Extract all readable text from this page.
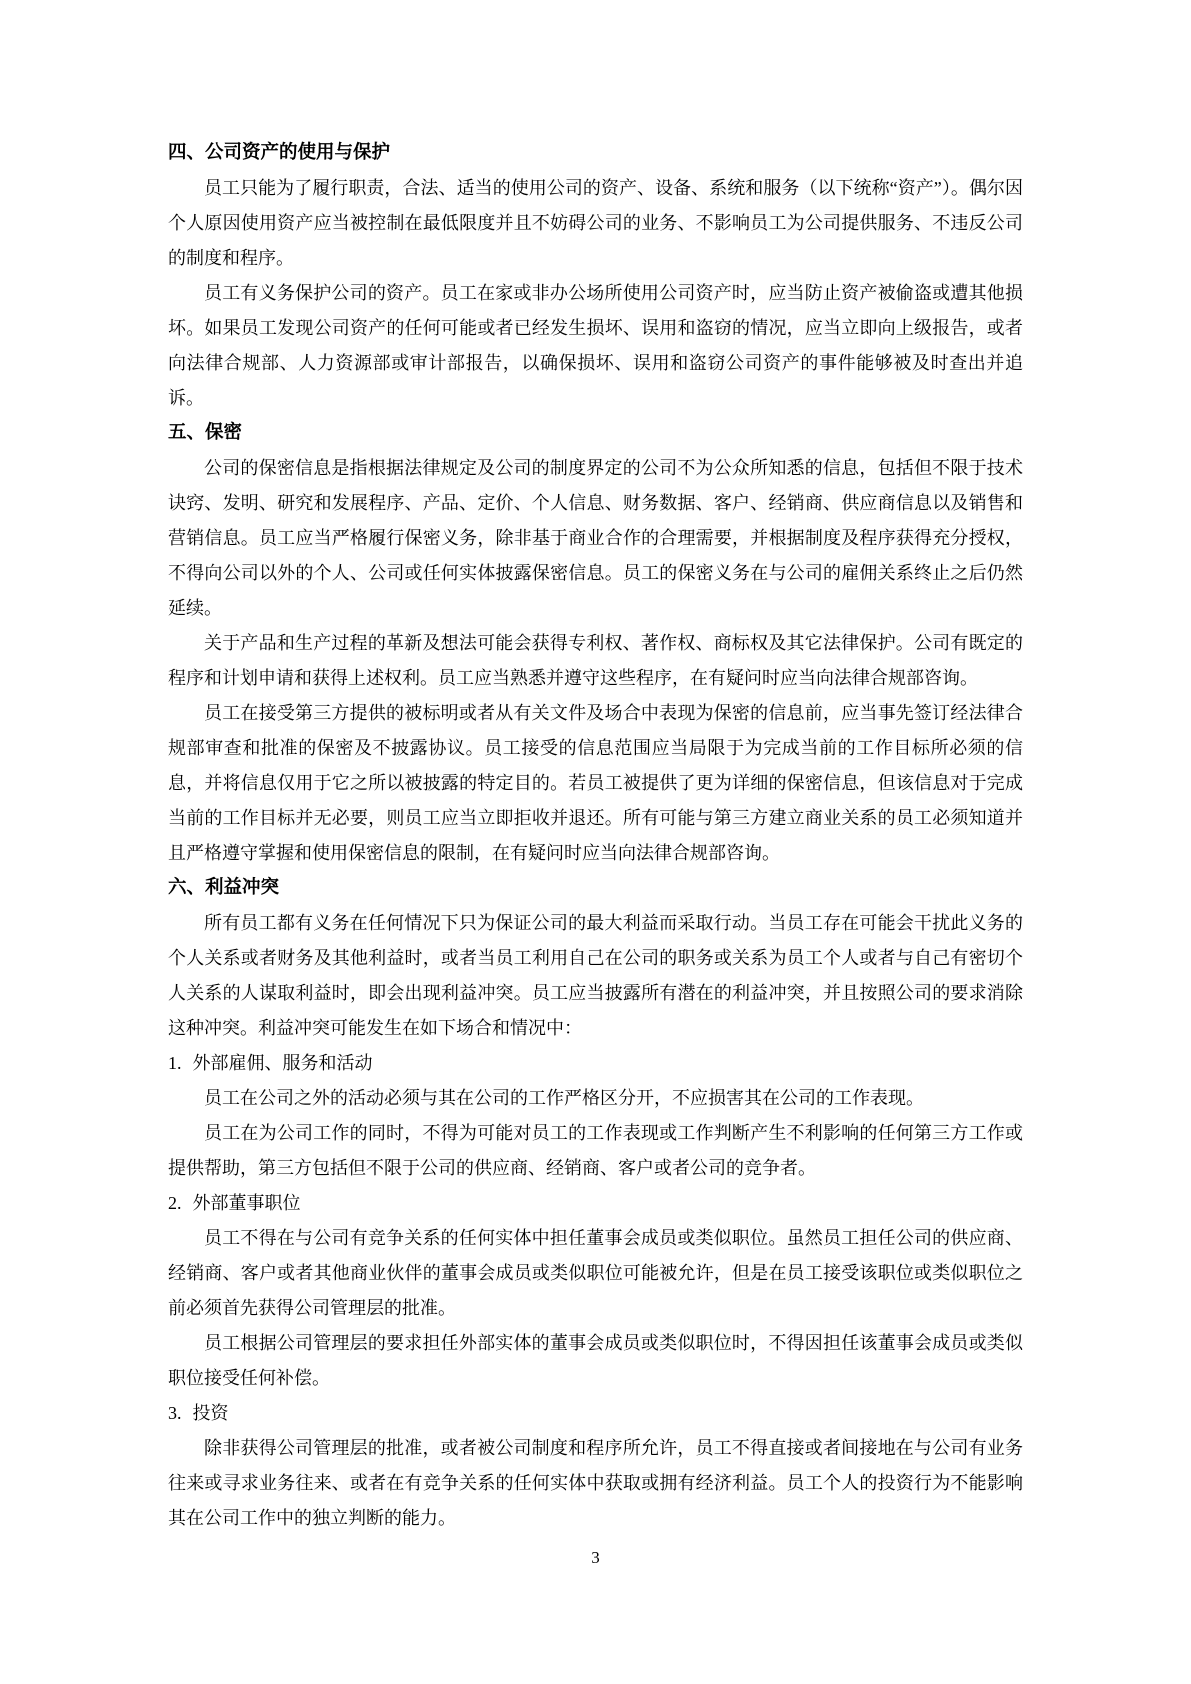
四、公司资产的使用与保护

员工只能为了履行职责，合法、适当的使用公司的资产、设备、系统和服务（以下统称“资产”）。偶尔因个人原因使用资产应当被控制在最低限度并且不妨碍公司的业务、不影响员工为公司提供服务、不违反公司的制度和程序。

员工有义务保护公司的资产。员工在家或非办公场所使用公司资产时，应当防止资产被偷盗或遭其他损坏。如果员工发现公司资产的任何可能或者已经发生损坏、误用和盗窃的情况，应当立即向上级报告，或者向法律合规部、人力资源部或审计部报告，以确保损坏、误用和盗窃公司资产的事件能够被及时查出并追诉。

五、保密

公司的保密信息是指根据法律规定及公司的制度界定的公司不为公众所知悉的信息，包括但不限于技术诀窍、发明、研究和发展程序、产品、定价、个人信息、财务数据、客户、经销商、供应商信息以及销售和营销信息。员工应当严格履行保密义务，除非基于商业合作的合理需要，并根据制度及程序获得充分授权，不得向公司以外的个人、公司或任何实体披露保密信息。员工的保密义务在与公司的雇佣关系终止之后仍然延续。

关于产品和生产过程的革新及想法可能会获得专利权、著作权、商标权及其它法律保护。公司有既定的程序和计划申请和获得上述权利。员工应当熟悉并遵守这些程序，在有疑问时应当向法律合规部咨询。

员工在接受第三方提供的被标明或者从有关文件及场合中表现为保密的信息前，应当事先签订经法律合规部审查和批准的保密及不披露协议。员工接受的信息范围应当局限于为完成当前的工作目标所必须的信息，并将信息仅用于它之所以被披露的特定目的。若员工被提供了更为详细的保密信息，但该信息对于完成当前的工作目标并无必要，则员工应当立即拒收并退还。所有可能与第三方建立商业关系的员工必须知道并且严格遵守掌握和使用保密信息的限制，在有疑问时应当向法律合规部咨询。

六、利益冲突

所有员工都有义务在任何情况下只为保证公司的最大利益而采取行动。当员工存在可能会干扰此义务的个人关系或者财务及其他利益时，或者当员工利用自己在公司的职务或关系为员工个人或者与自己有密切个人关系的人谋取利益时，即会出现利益冲突。员工应当披露所有潜在的利益冲突，并且按照公司的要求消除这种冲突。利益冲突可能发生在如下场合和情况中：

1. 外部雇佣、服务和活动

员工在公司之外的活动必须与其在公司的工作严格区分开，不应损害其在公司的工作表现。

员工在为公司工作的同时，不得为可能对员工的工作表现或工作判断产生不利影响的任何第三方工作或提供帮助，第三方包括但不限于公司的供应商、经销商、客户或者公司的竞争者。

2. 外部董事职位

员工不得在与公司有竞争关系的任何实体中担任董事会成员或类似职位。虽然员工担任公司的供应商、经销商、客户或者其他商业伙伴的董事会成员或类似职位可能被允许，但是在员工接受该职位或类似职位之前必须首先获得公司管理层的批准。

员工根据公司管理层的要求担任外部实体的董事会成员或类似职位时，不得因担任该董事会成员或类似职位接受任何补偿。

3. 投资

除非获得公司管理层的批准，或者被公司制度和程序所允许，员工不得直接或者间接地在与公司有业务往来或寻求业务往来、或者在有竞争关系的任何实体中获取或拥有经济利益。员工个人的投资行为不能影响其在公司工作中的独立判断的能力。

3
